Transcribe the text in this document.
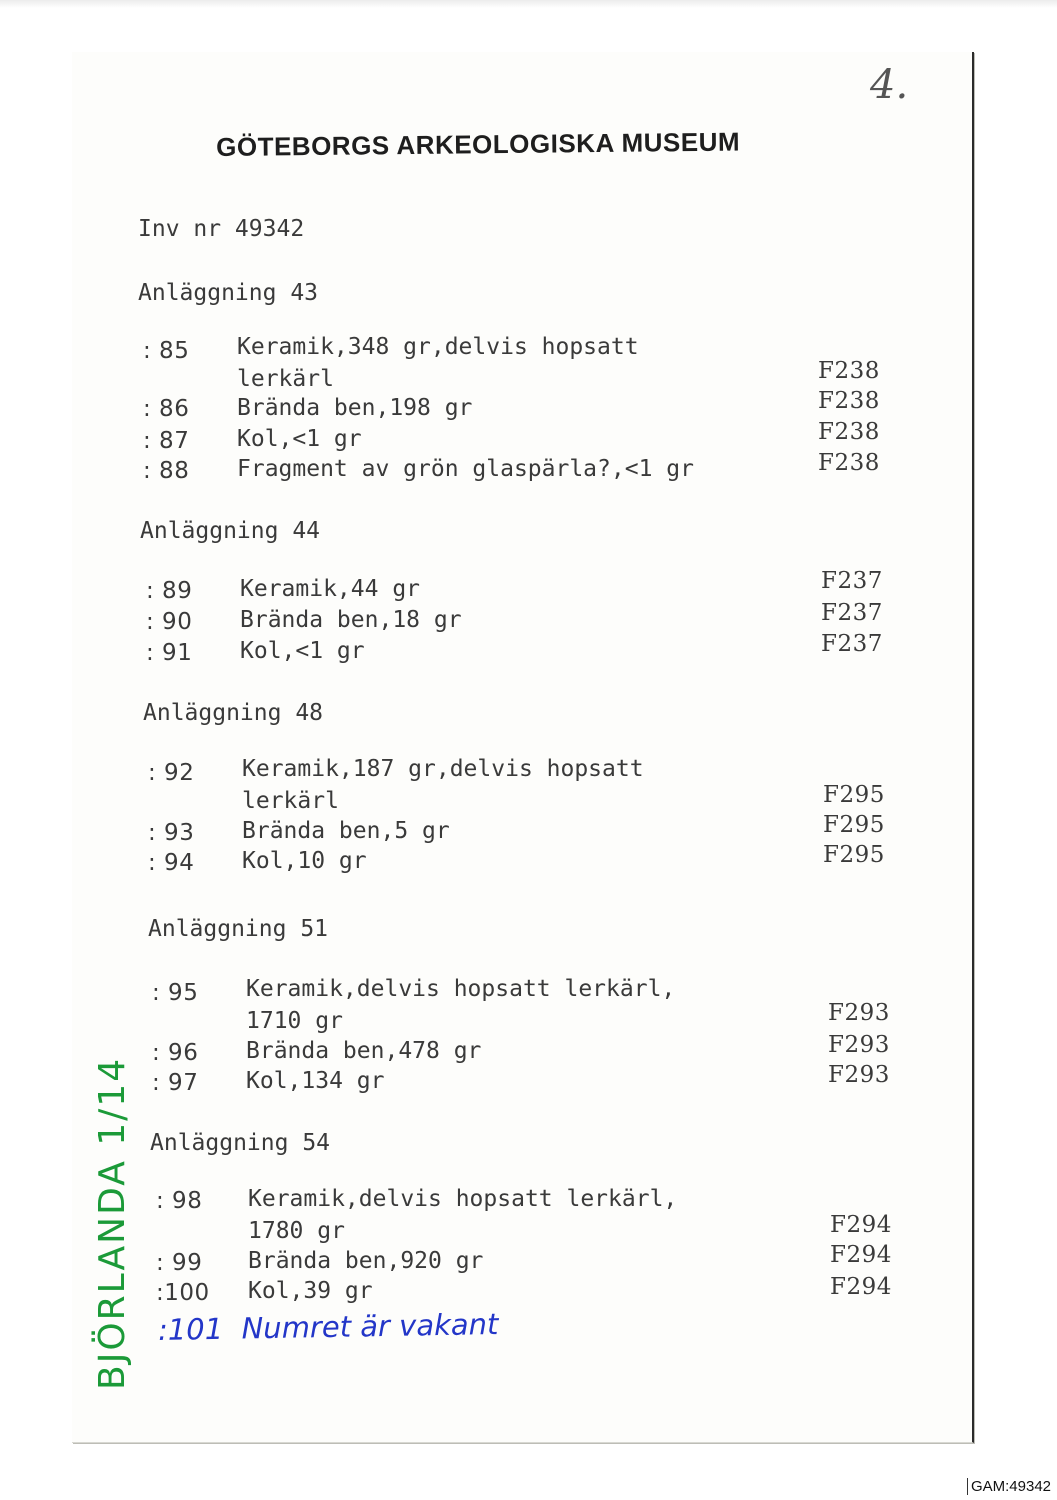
4.
GÖTEBORGS ARKEOLOGISKA MUSEUM
Inv nr 49342
Anläggning 43
: 85 Keramik,348 gr,delvis hopsatt
lerkärl	F238
: 86 Brända ben,198 gr	F238
: 87 Kol,<1 gr	F238
: 88 Fragment av grön glaspärla?,<1 gr	F238
Anläggning 44
: 89 Keramik,44 gr	F237
: 90 Brända ben,18 gr	F237
: 91 Kol,<1 gr	F237
Anläggning 48
: 92 Keramik,187 gr,delvis hopsatt
lerkärl	F295
: 93 Brända ben,5 gr	F295
: 94 Kol,10 gr	F295
Anläggning 51
: 95 Keramik,delvis hopsatt lerkärl,
1710 gr	F293
: 96 Brända ben,478 gr	F293
: 97 Kol,134 gr	F293
Anläggning 54
: 98 Keramik,delvis hopsatt lerkärl,
1780 gr	F294
: 99 Brända ben,920 gr	F294
:100 Kol,39 gr	F294
:101  Numret är vakant
BJÖRLANDA 1/14
GAM:49342
